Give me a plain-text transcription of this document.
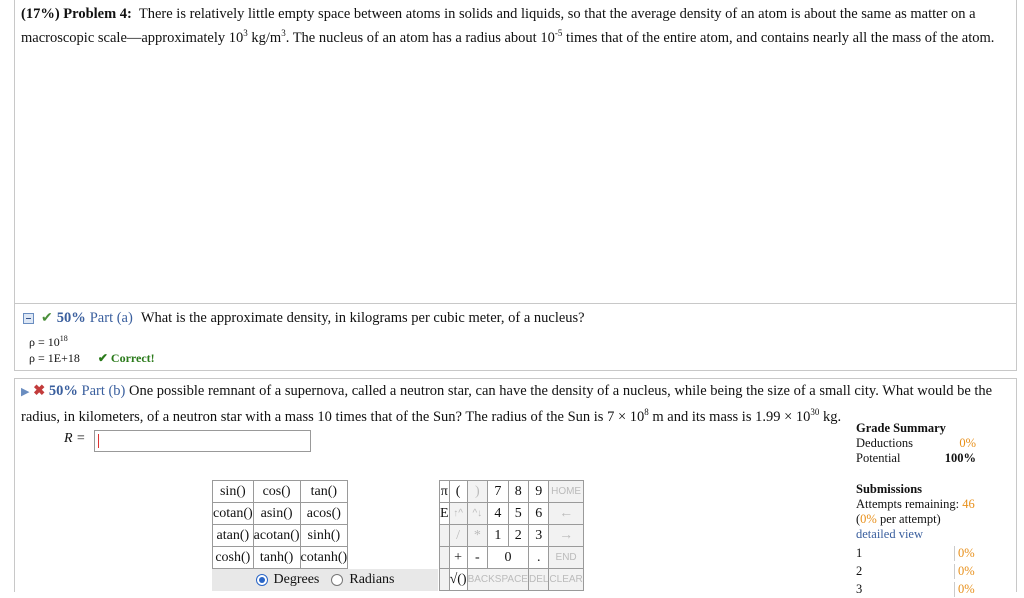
(17%) Problem 4: There is relatively little empty space between atoms in solids and liquids, so that the average density of an atom is about the same as matter on a macroscopic scale—approximately $10^3$ $kg/m^3$. The nucleus of an atom has a radius about $10^{-5}$ times that of the entire atom, and contains nearly all the mass of the atom.
✔ 50% Part (a) What is the approximate density, in kilograms per cubic meter, of a nucleus?
$\rho = 10^{18}$
ρ = 1E+18 ✔ Correct!
▶ ✖ 50% Part (b) One possible remnant of a supernova, called a neutron star, can have the density of a nucleus, while being the size of a small city. What would be the radius, in kilometers, of a neutron star with a mass 10 times that of the Sun? The radius of the Sun is $7 \times 10^8$ m and its mass is $1.99 \times 10^{30}$ kg.
R =
Grade Summary
Deductions	0%
Potential	100%
Submissions
Attempts remaining: 46
(0% per attempt)
detailed view
1	0%
2	0%
3	0%
sin()	cos()	tan()
cotan()	asin()	acos()
atan()	acotan()	sinh()
cosh()	tanh()	cotanh()
Degrees Radians
π	(	)	7	8	9	HOME
E	↑^	^↓	4	5	6	←
	/	*	1	2	3	→
	+	-	0		.	END
	√()	BACKSPACE			DEL	CLEAR
